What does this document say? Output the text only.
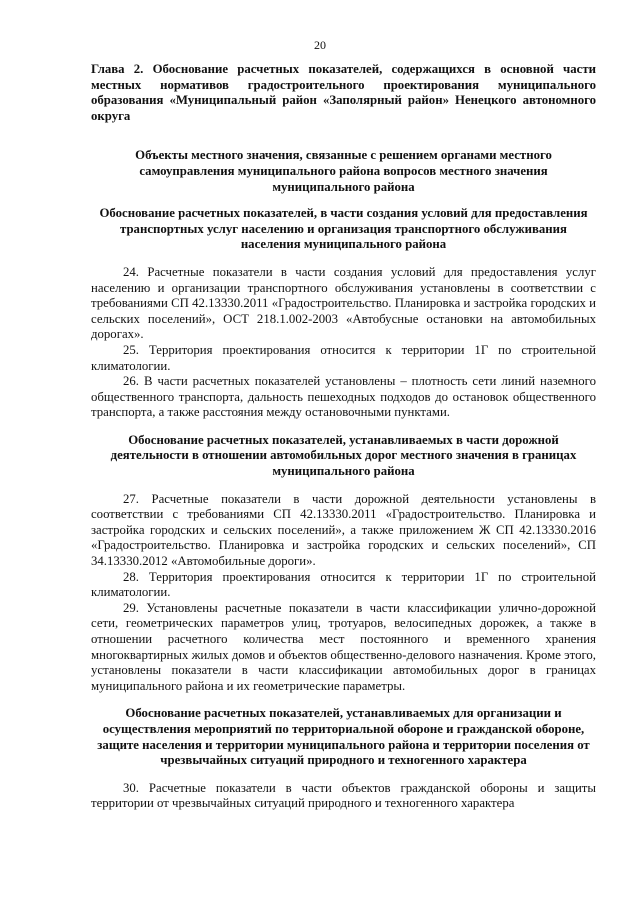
20

Глава 2. Обоснование расчетных показателей, содержащихся в основной части местных нормативов градостроительного проектирования муниципального образования «Муниципальный район «Заполярный район» Ненецкого автономного округа

Объекты местного значения, связанные с решением органами местного самоуправления муниципального района вопросов местного значения муниципального района

Обоснование расчетных показателей, в части создания условий для предоставления транспортных услуг населению и организация транспортного обслуживания населения муниципального района

24. Расчетные показатели в части создания условий для предоставления услуг населению и организации транспортного обслуживания установлены в соответствии с требованиями СП 42.13330.2011 «Градостроительство. Планировка и застройка городских и сельских поселений», ОСТ 218.1.002-2003 «Автобусные остановки на автомобильных дорогах».

25. Территория проектирования относится к территории 1Г по строительной климатологии.

26. В части расчетных показателей установлены – плотность сети линий наземного общественного транспорта, дальность пешеходных подходов до остановок общественного транспорта, а также расстояния между остановочными пунктами.

Обоснование расчетных показателей, устанавливаемых в части дорожной деятельности в отношении автомобильных дорог местного значения в границах муниципального района

27. Расчетные показатели в части дорожной деятельности установлены в соответствии с требованиями СП 42.13330.2011 «Градостроительство. Планировка и застройка городских и сельских поселений», а также приложением Ж СП 42.13330.2016 «Градостроительство. Планировка и застройка городских и сельских поселений», СП 34.13330.2012 «Автомобильные дороги».

28. Территория проектирования относится к территории 1Г по строительной климатологии.

29. Установлены расчетные показатели в части классификации улично-дорожной сети, геометрических параметров улиц, тротуаров, велосипедных дорожек, а также в отношении расчетного количества мест постоянного и временного хранения многоквартирных жилых домов и объектов общественно-делового назначения. Кроме этого, установлены показатели в части классификации автомобильных дорог в границах муниципального района и их геометрические параметры.

Обоснование расчетных показателей, устанавливаемых для организации и осуществления мероприятий по территориальной обороне и гражданской обороне, защите населения и территории муниципального района и территории поселения от чрезвычайных ситуаций природного и техногенного характера

30. Расчетные показатели в части объектов гражданской обороны и защиты территории от чрезвычайных ситуаций природного и техногенного характера
